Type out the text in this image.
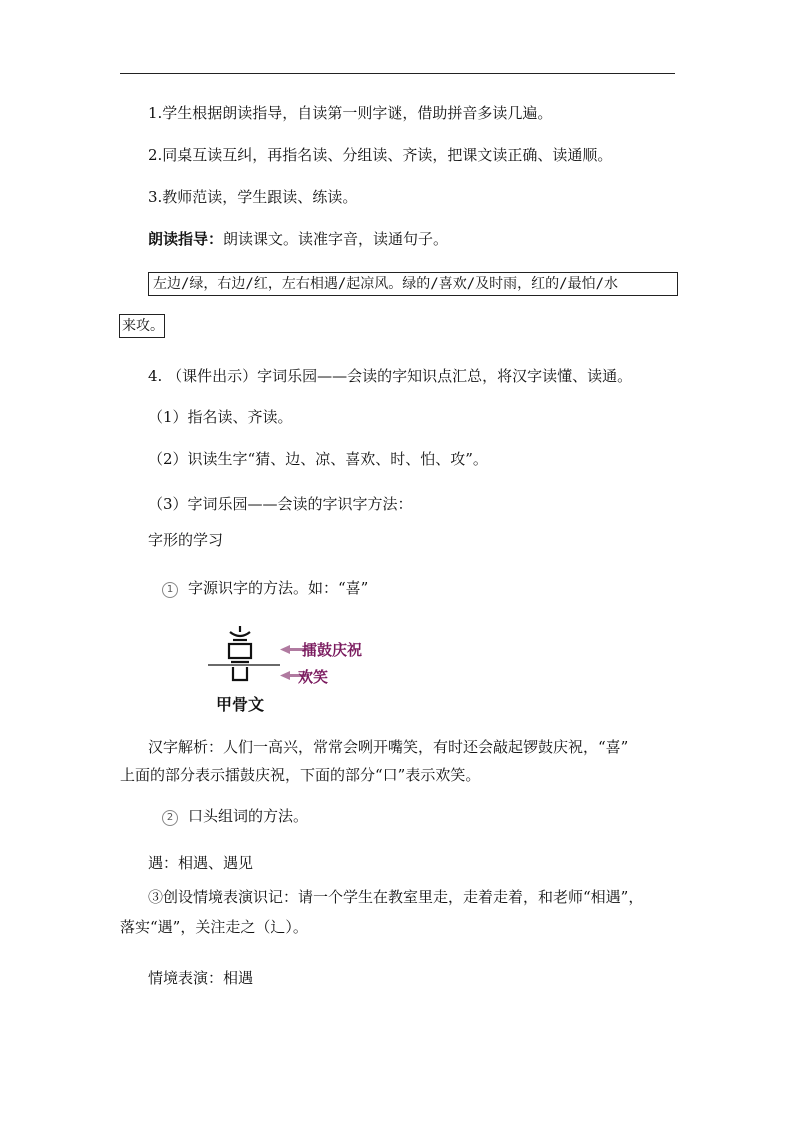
1.学生根据朗读指导，自读第一则字谜，借助拼音多读几遍。
2.同桌互读互纠，再指名读、分组读、齐读，把课文读正确、读通顺。
3.教师范读，学生跟读、练读。
朗读指导：朗读课文。读准字音，读通句子。
左边/绿，右边/红，左右相遇/起凉风。绿的/喜欢/及时雨，红的/最怕/水
来攻。
4. （课件出示）字词乐园——会读的字知识点汇总，将汉字读懂、读通。
（1）指名读、齐读。
（2）识读生字“猜、边、凉、喜欢、时、怕、攻”。
（3）字词乐园——会读的字识字方法：
字形的学习
1 字源识字的方法。如：“喜”
擂鼓庆祝
欢笑
甲骨文
汉字解析：人们一高兴，常常会咧开嘴笑，有时还会敲起锣鼓庆祝，“喜”
上面的部分表示擂鼓庆祝，下面的部分“口”表示欢笑。
2 口头组词的方法。
遇：相遇、遇见
③创设情境表演识记：请一个学生在教室里走，走着走着，和老师“相遇”，
落实“遇”，关注走之（辶）。
情境表演：相遇
